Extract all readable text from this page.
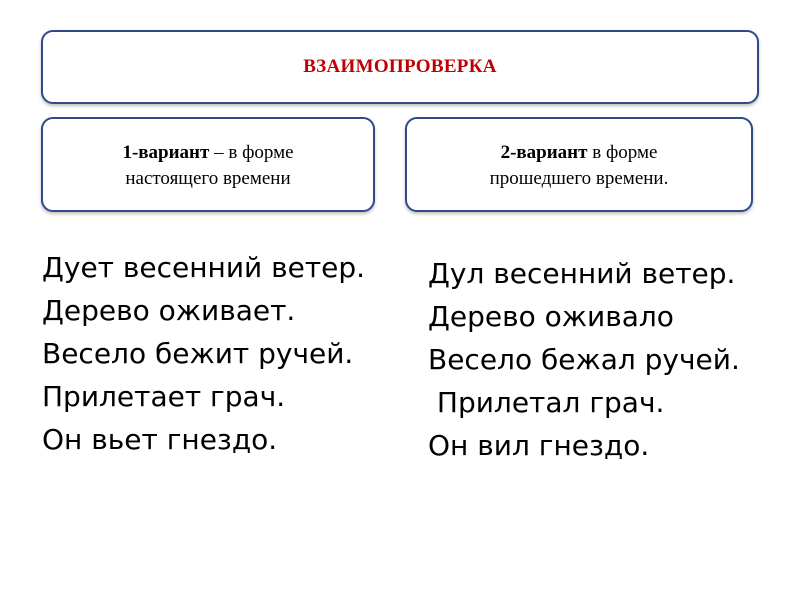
ВЗАИМОПРОВЕРКА
1-вариант – в форме
настоящего времени
2-вариант в форме
прошедшего времени.
Дует весенний ветер.
Дерево оживает.
Весело бежит ручей.
Прилетает грач.
Он вьет гнездо.
Дул весенний ветер.
Дерево оживало
Весело бежал ручей.
Прилетал грач.
Он вил гнездо.
